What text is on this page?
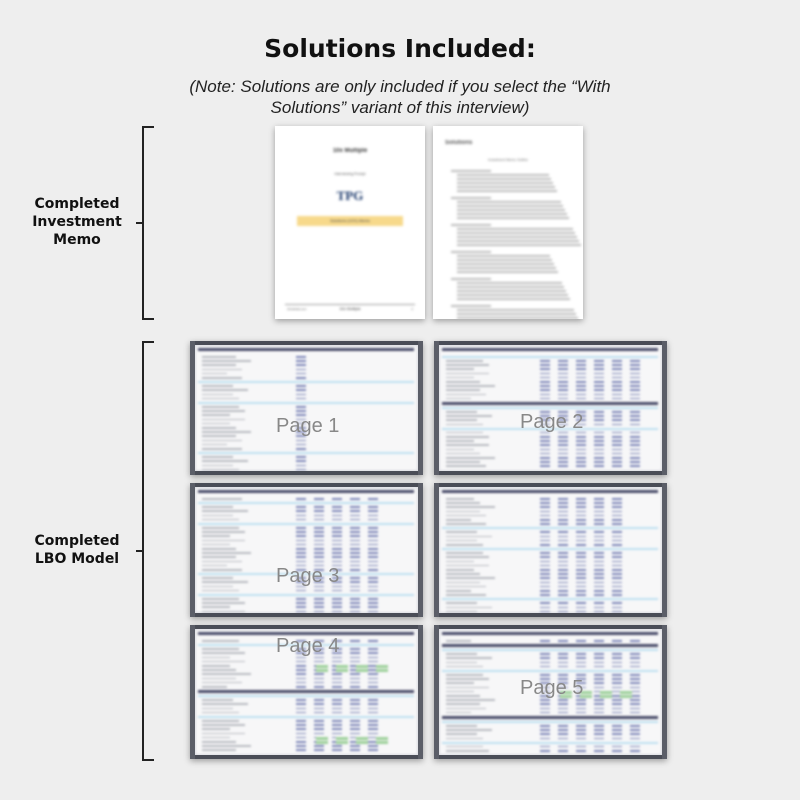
Solutions Included:
(Note: Solutions are only included if you select the “With Solutions” variant of this interview)
Completed Investment Memo
10x Multiple
Interviewing Prompt
TPG
Solutions (V2X) Memo
10xebitda.com	10x Multiple	2
Solutions
Investment Memo Outline
Completed LBO Model
Page 1	Page 2
Page 3
Page 4
Page 5
